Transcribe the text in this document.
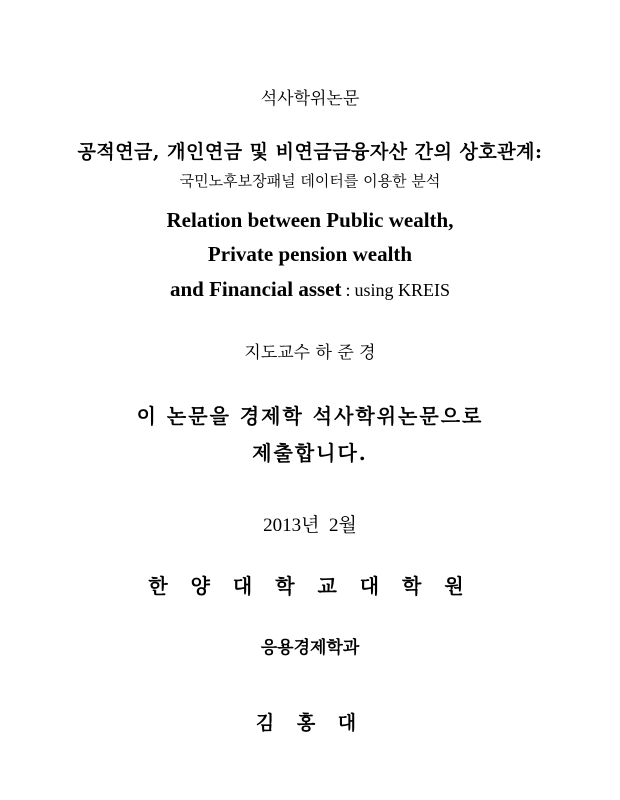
석사학위논문
공적연금, 개인연금 및 비연금금융자산 간의 상호관계:
국민노후보장패널 데이터를 이용한 분석
Relation between Public wealth,
Private pension wealth
and Financial asset : using KREIS
지도교수 하 준 경
이 논문을 경제학 석사학위논문으로
제출합니다.
2013년  2월
한 양 대 학 교 대 학 원
응용경제학과
김 홍 대
